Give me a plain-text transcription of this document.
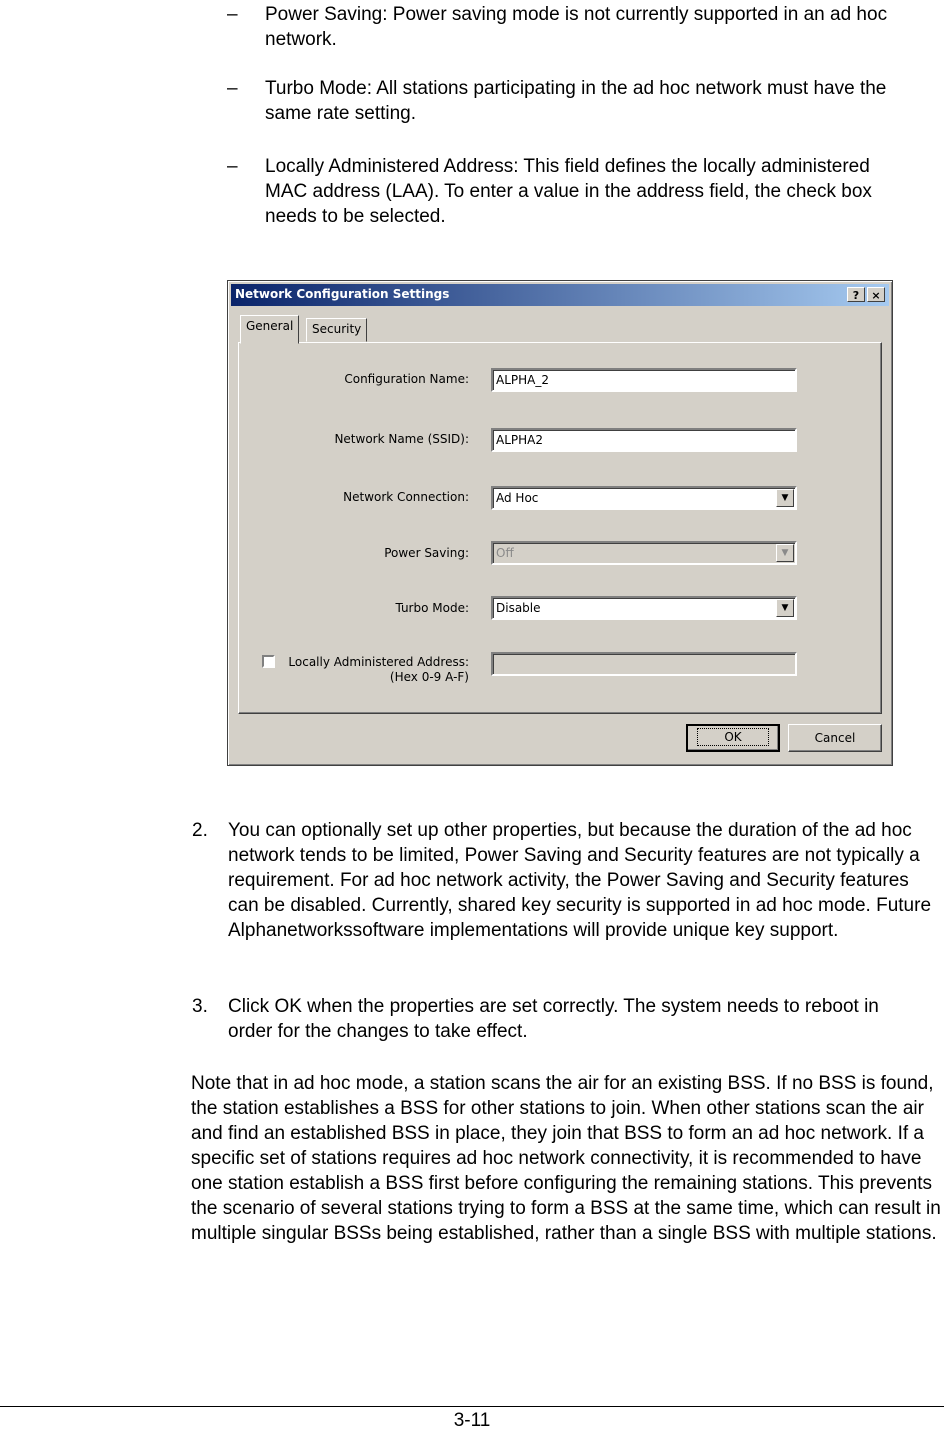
– Power Saving: Power saving mode is not currently supported in an ad hoc network.

– Turbo Mode: All stations participating in the ad hoc network must have the same rate setting.

– Locally Administered Address: This field defines the locally administered MAC address (LAA). To enter a value in the address field, the check box needs to be selected.

Network Configuration Settings	?	×
General	Security
Configuration Name:	ALPHA_2
Network Name (SSID):	ALPHA2
Network Connection:	Ad Hoc	▼
Power Saving:	Off	▼
Turbo Mode:	Disable	▼
Locally Administered Address:
(Hex 0-9 A-F)
OK	Cancel
2. You can optionally set up other properties, but because the duration of the ad hoc network tends to be limited, Power Saving and Security features are not typically a requirement. For ad hoc network activity, the Power Saving and Security features can be disabled. Currently, shared key security is supported in ad hoc mode. Future Alphanetworkssoftware implementations will provide unique key support.

3. Click OK when the properties are set correctly. The system needs to reboot in order for the changes to take effect.

Note that in ad hoc mode, a station scans the air for an existing BSS. If no BSS is found, the station establishes a BSS for other stations to join. When other stations scan the air and find an established BSS in place, they join that BSS to form an ad hoc network. If a specific set of stations requires ad hoc network connectivity, it is recommended to have one station establish a BSS first before configuring the remaining stations. This prevents the scenario of several stations trying to form a BSS at the same time, which can result in multiple singular BSSs being established, rather than a single BSS with multiple stations.

3-11
